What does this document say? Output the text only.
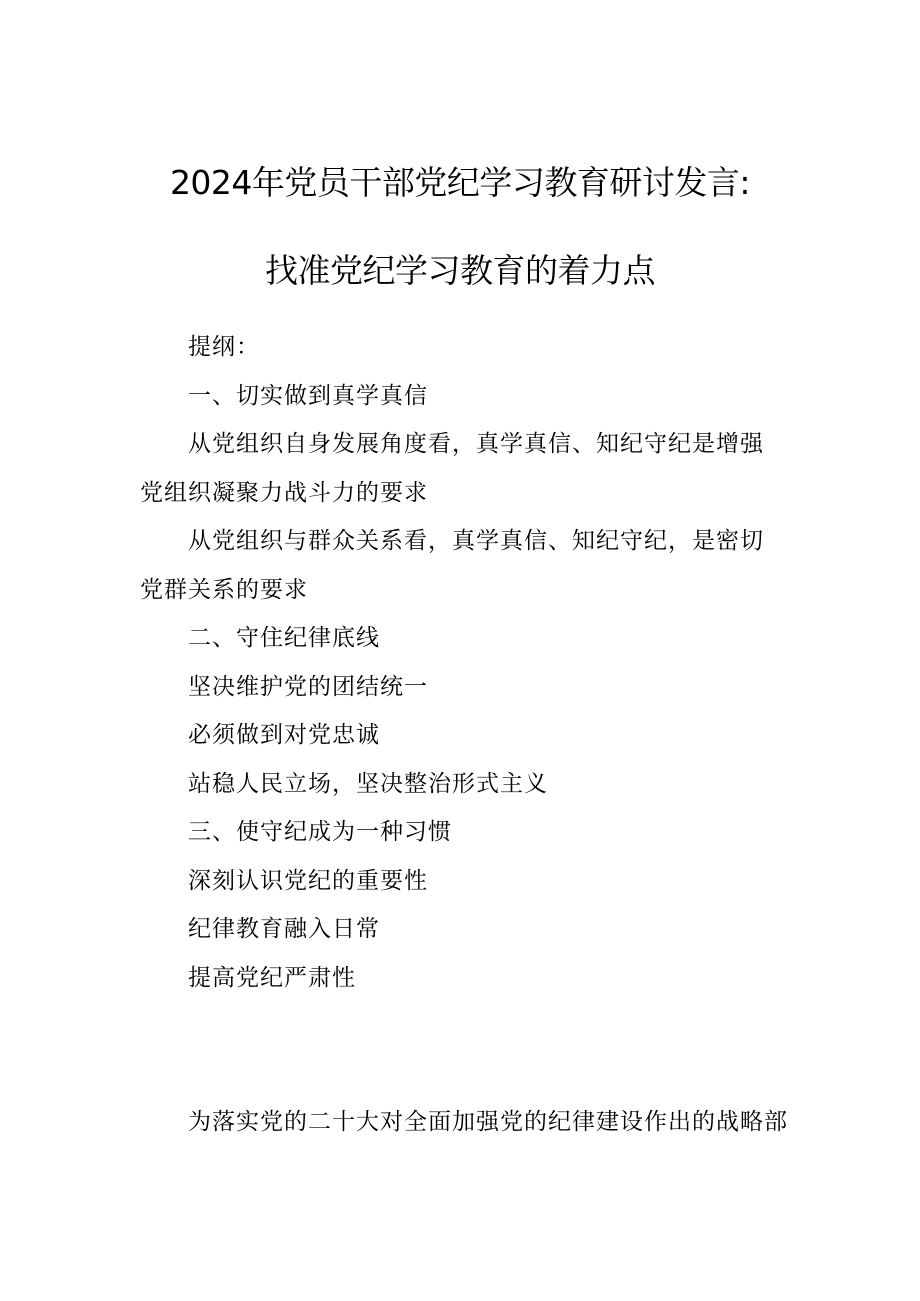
2024年党员干部党纪学习教育研讨发言:
找准党纪学习教育的着力点
提纲：
一、切实做到真学真信
从党组织自身发展角度看，真学真信、知纪守纪是增强党组织凝聚力战斗力的要求
从党组织与群众关系看，真学真信、知纪守纪，是密切党群关系的要求
二、守住纪律底线
坚决维护党的团结统一
必须做到对党忠诚
站稳人民立场，坚决整治形式主义
三、使守纪成为一种习惯
深刻认识党纪的重要性
纪律教育融入日常
提高党纪严肃性
为落实党的二十大对全面加强党的纪律建设作出的战略部
